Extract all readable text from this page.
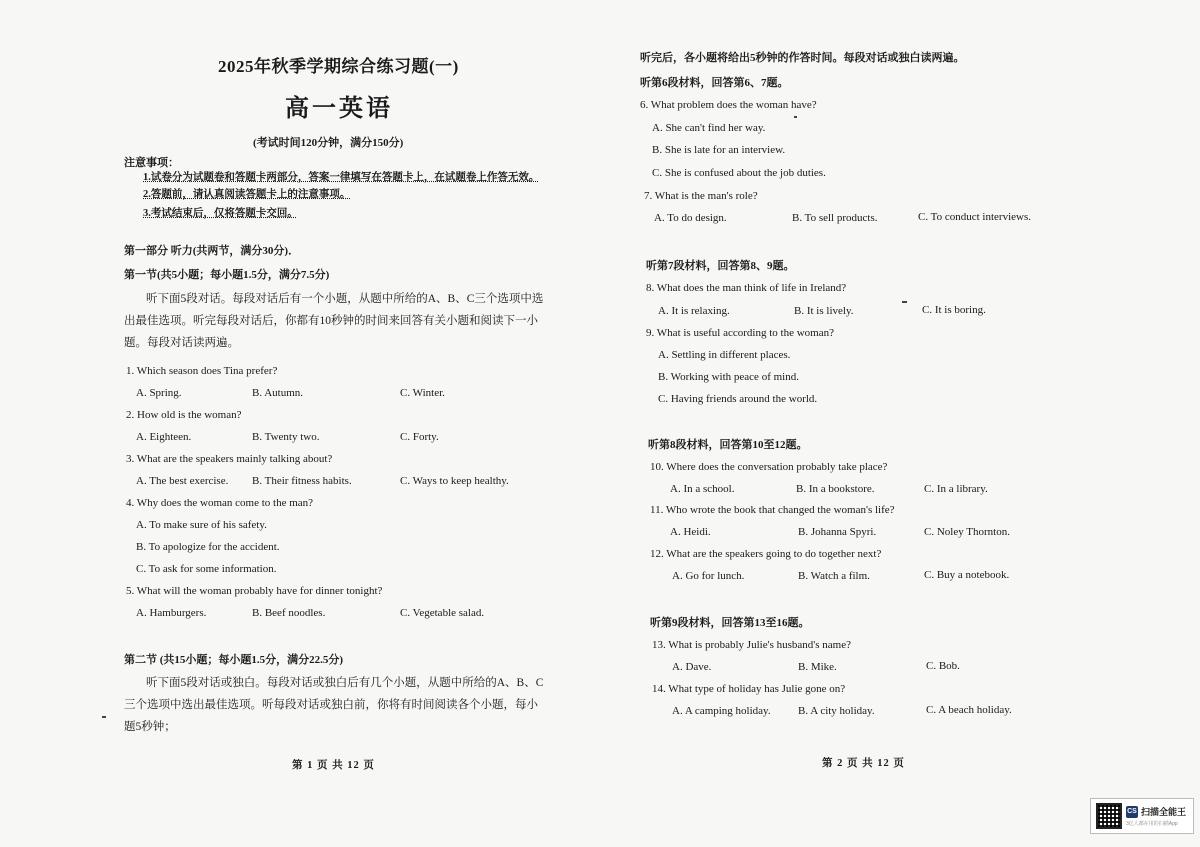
2025年秋季学期综合练习题(一)
高一英语
(考试时间120分钟，满分150分)
注意事项：
1.试卷分为试题卷和答题卡两部分，答案一律填写在答题卡上，在试题卷上作答无效。
2.答题前，请认真阅读答题卡上的注意事项。
3.考试结束后，仅将答题卡交回。
第一部分 听力(共两节，满分30分)．
第一节(共5小题；每小题1.5分，满分7.5分)
听下面5段对话。每段对话后有一个小题，从题中所给的A、B、C三个选项中选出最佳选项。听完每段对话后，你都有10秒钟的时间来回答有关小题和阅读下一小题。每段对话读两遍。
1. Which season does Tina prefer?
A. Spring.	B. Autumn.	C. Winter.
2. How old is the woman?
A. Eighteen.	B. Twenty two.	C. Forty.
3. What are the speakers mainly talking about?
A. The best exercise. B. Their fitness habits.	C. Ways to keep healthy.
4. Why does the woman come to the man?
A. To make sure of his safety.
B. To apologize for the accident.
C. To ask for some information.
5. What will the woman probably have for dinner tonight?
A. Hamburgers.	B. Beef noodles.	C. Vegetable salad.
第二节 (共15小题；每小题1.5分，满分22.5分)
听下面5段对话或独白。每段对话或独白后有几个小题，从题中所给的A、B、C三个选项中选出最佳选项。听每段对话或独白前，你将有时间阅读各个小题，每小题5秒钟；
第 1 页 共 12 页
听完后，各小题将给出5秒钟的作答时间。每段对话或独白读两遍。
听第6段材料，回答第6、7题。
6. What problem does the woman have?
A. She can't find her way.
B. She is late for an interview.
C. She is confused about the job duties.
7. What is the man's role?
A. To do design.	B. To sell products.	C. To conduct interviews.
听第7段材料，回答第8、9题。
8. What does the man think of life in Ireland?
A. It is relaxing.	B. It is lively.	C. It is boring.
9. What is useful according to the woman?
A. Settling in different places.
B. Working with peace of mind.
C. Having friends around the world.
听第8段材料，回答第10至12题。
10. Where does the conversation probably take place?
A. In a school.	B. In a bookstore.	C. In a library.
11. Who wrote the book that changed the woman's life?
A. Heidi.	B. Johanna Spyri.	C. Noley Thornton.
12. What are the speakers going to do together next?
A. Go for lunch.	B. Watch a film.	C. Buy a notebook.
听第9段材料，回答第13至16题。
13. What is probably Julie's husband's name?
A. Dave.	B. Mike.	C. Bob.
14. What type of holiday has Julie gone on?
A. A camping holiday. B. A city holiday.	C. A beach holiday.
第 2 页 共 12 页
CS 扫描全能王
3亿人都在用的扫描App
